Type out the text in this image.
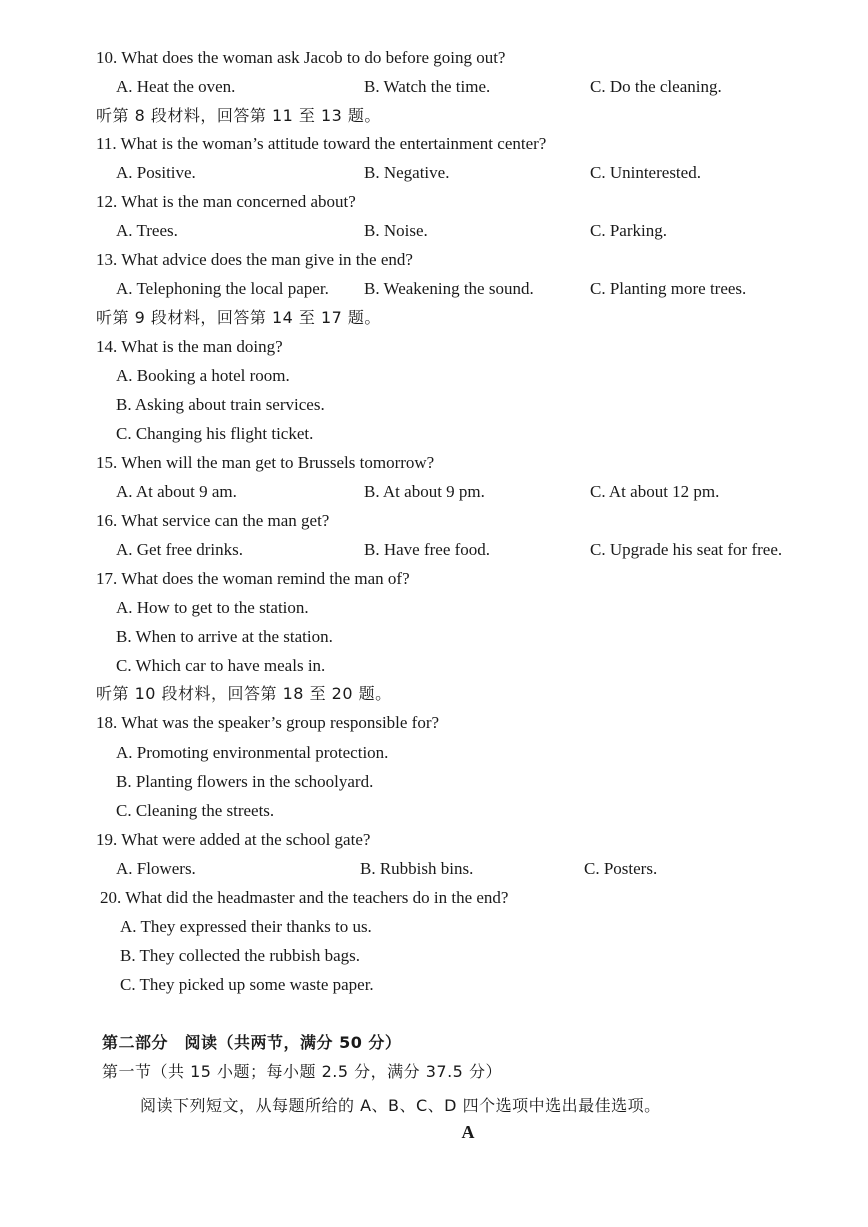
10. What does the woman ask Jacob to do before going out?
A. Heat the oven.	B. Watch the time.	C. Do the cleaning.
听第 8 段材料，回答第 11 至 13 题。
11. What is the woman’s attitude toward the entertainment center?
A. Positive.	B. Negative.	C. Uninterested.
12. What is the man concerned about?
A. Trees.	B. Noise.	C. Parking.
13. What advice does the man give in the end?
A. Telephoning the local paper. B. Weakening the sound.	C. Planting more trees.
听第 9 段材料，回答第 14 至 17 题。
14. What is the man doing?
A. Booking a hotel room.
B. Asking about train services.
C. Changing his flight ticket.
15. When will the man get to Brussels tomorrow?
A. At about 9 am.	B. At about 9 pm.	C. At about 12 pm.
16. What service can the man get?
A. Get free drinks.	B. Have free food.	C. Upgrade his seat for free.
17. What does the woman remind the man of?
A. How to get to the station.
B. When to arrive at the station.
C. Which car to have meals in.
听第 10 段材料，回答第 18 至 20 题。
18. What was the speaker’s group responsible for?
A. Promoting environmental protection.
B. Planting flowers in the schoolyard.
C. Cleaning the streets.
19. What were added at the school gate?
A. Flowers.	B. Rubbish bins.	C. Posters.
20. What did the headmaster and the teachers do in the end?
A. They expressed their thanks to us.
B. They collected the rubbish bags.
C. They picked up some waste paper.
第二部分　阅读（共两节，满分 50 分）
第一节（共 15 小题；每小题 2.5 分，满分 37.5 分）
阅读下列短文，从每题所给的 A、B、C、D 四个选项中选出最佳选项。
A
